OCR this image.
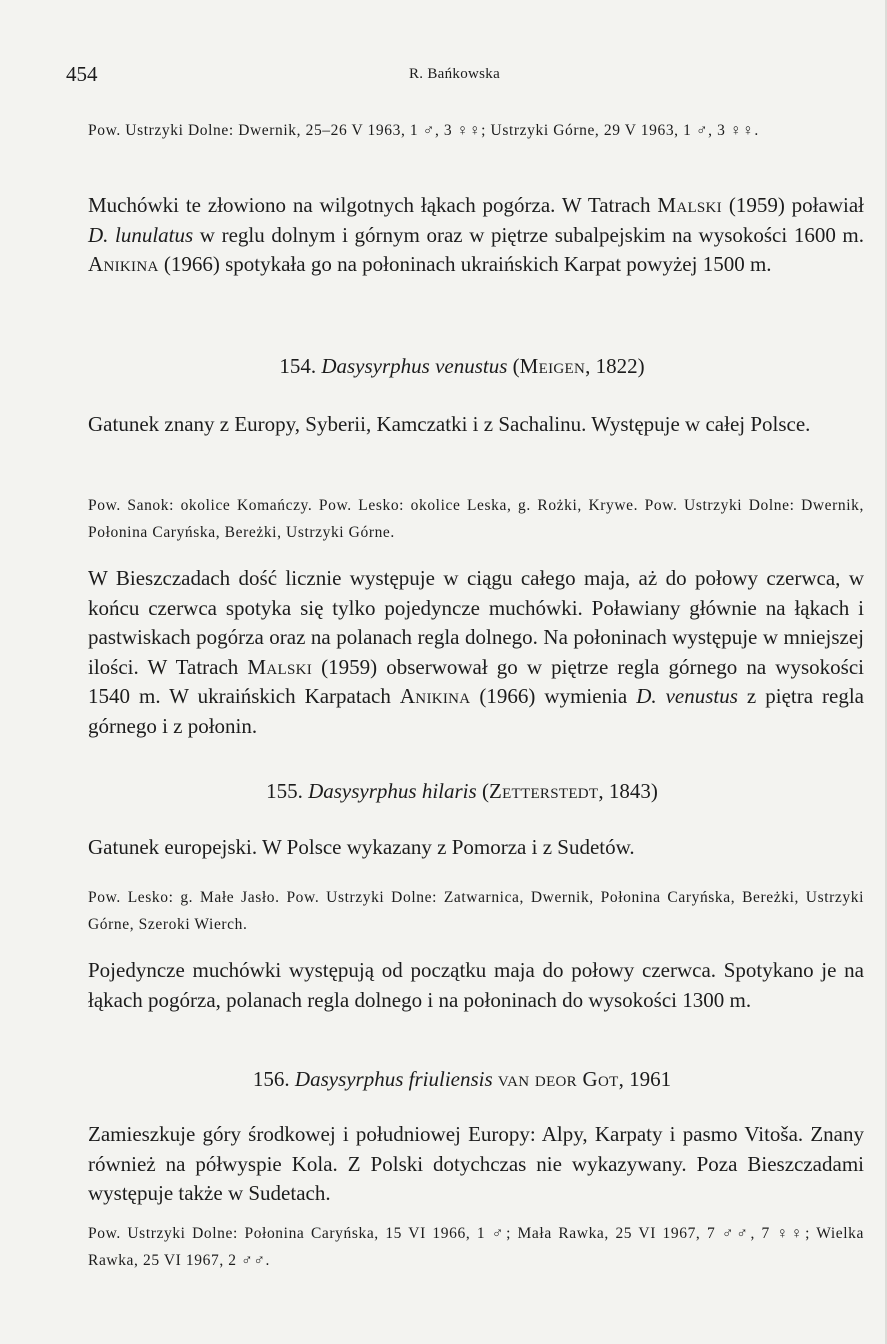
454	R. Bańkowska
Pow. Ustrzyki Dolne: Dwernik, 25–26 V 1963, 1 ♂, 3 ♀♀; Ustrzyki Górne, 29 V 1963, 1 ♂, 3 ♀♀.
Muchówki te złowiono na wilgotnych łąkach pogórza. W Tatrach Malski (1959) poławiał D. lunulatus w reglu dolnym i górnym oraz w piętrze subalpejskim na wysokości 1600 m. Anikina (1966) spotykała go na połoninach ukraińskich Karpat powyżej 1500 m.
154. Dasysyrphus venustus (Meigen, 1822)
Gatunek znany z Europy, Syberii, Kamczatki i z Sachalinu. Występuje w całej Polsce.
Pow. Sanok: okolice Komańczy. Pow. Lesko: okolice Leska, g. Rożki, Krywe. Pow. Ustrzyki Dolne: Dwernik, Połonina Caryńska, Bereżki, Ustrzyki Górne.
W Bieszczadach dość licznie występuje w ciągu całego maja, aż do połowy czerwca, w końcu czerwca spotyka się tylko pojedyncze muchówki. Poławiany głównie na łąkach i pastwiskach pogórza oraz na polanach regla dolnego. Na połoninach występuje w mniejszej ilości. W Tatrach Malski (1959) obserwował go w piętrze regla górnego na wysokości 1540 m. W ukraińskich Karpatach Anikina (1966) wymienia D. venustus z piętra regla górnego i z połonin.
155. Dasysyrphus hilaris (Zetterstedt, 1843)
Gatunek europejski. W Polsce wykazany z Pomorza i z Sudetów.
Pow. Lesko: g. Małe Jasło. Pow. Ustrzyki Dolne: Zatwarnica, Dwernik, Połonina Caryńska, Bereżki, Ustrzyki Górne, Szeroki Wierch.
Pojedyncze muchówki występują od początku maja do połowy czerwca. Spotykano je na łąkach pogórza, polanach regla dolnego i na połoninach do wysokości 1300 m.
156. Dasysyrphus friuliensis van deor Got, 1961
Zamieszkuje góry środkowej i południowej Europy: Alpy, Karpaty i pasmo Vitoša. Znany również na półwyspie Kola. Z Polski dotychczas nie wykazywany. Poza Bieszczadami występuje także w Sudetach.
Pow. Ustrzyki Dolne: Połonina Caryńska, 15 VI 1966, 1 ♂; Mała Rawka, 25 VI 1967, 7 ♂♂, 7 ♀♀; Wielka Rawka, 25 VI 1967, 2 ♂♂.
